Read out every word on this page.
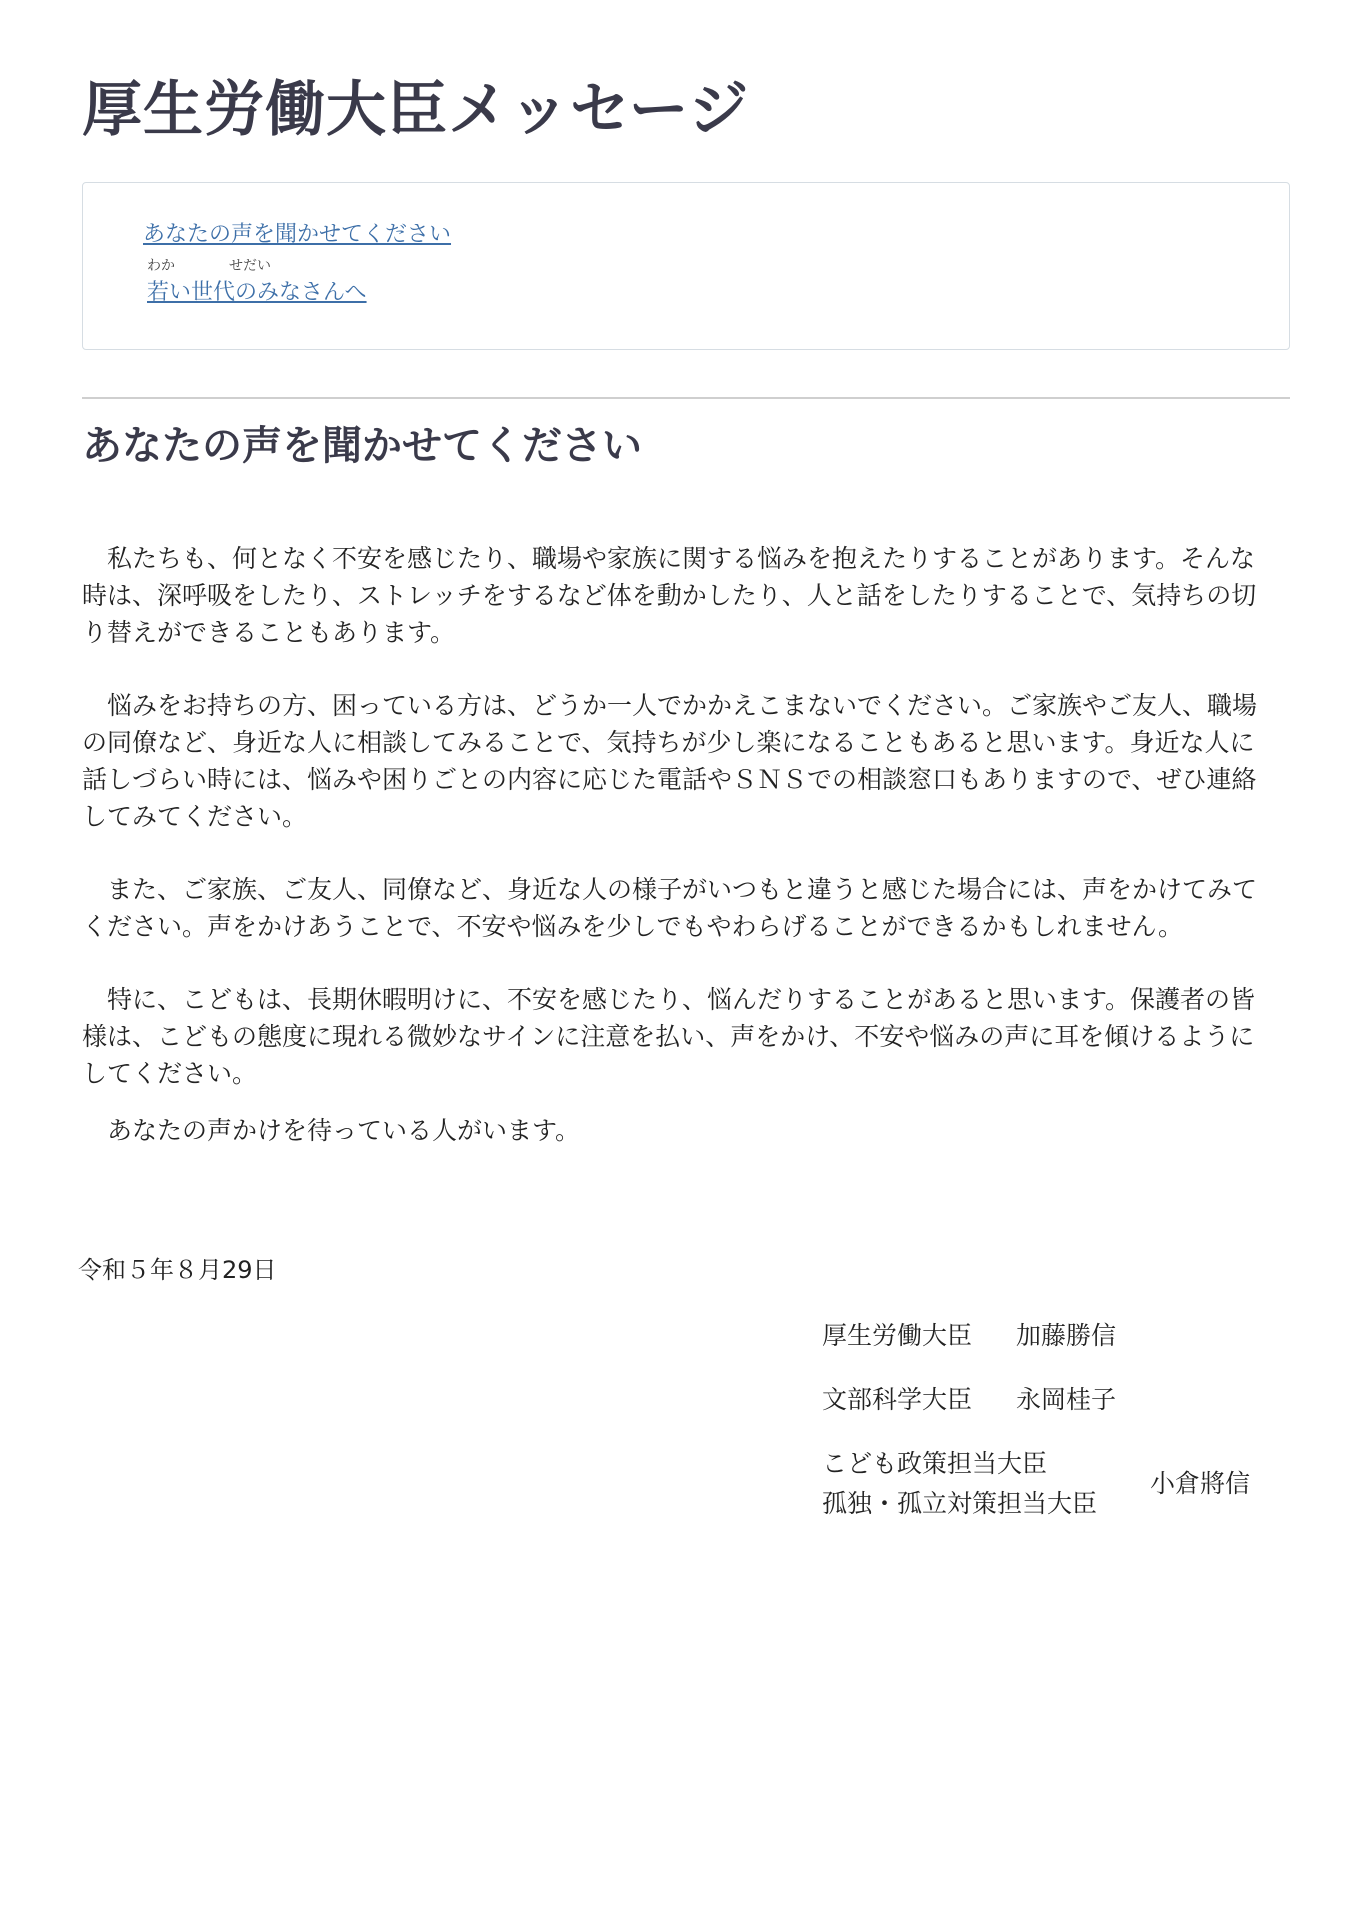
厚生労働大臣メッセージ
あなたの声を聞かせてください
わか	せだい
若い世代のみなさんへ
あなたの声を聞かせてください

私たちも、何となく不安を感じたり、職場や家族に関する悩みを抱えたりすることがあります。そんな時は、深呼吸をしたり、ストレッチをするなど体を動かしたり、人と話をしたりすることで、気持ちの切り替えができることもあります。

悩みをお持ちの方、困っている方は、どうか一人でかかえこまないでください。ご家族やご友人、職場の同僚など、身近な人に相談してみることで、気持ちが少し楽になることもあると思います。身近な人に話しづらい時には、悩みや困りごとの内容に応じた電話やＳＮＳでの相談窓口もありますので、ぜひ連絡してみてください。

また、ご家族、ご友人、同僚など、身近な人の様子がいつもと違うと感じた場合には、声をかけてみてください。声をかけあうことで、不安や悩みを少しでもやわらげることができるかもしれません。

特に、こどもは、長期休暇明けに、不安を感じたり、悩んだりすることがあると思います。保護者の皆様は、こどもの態度に現れる微妙なサインに注意を払い、声をかけ、不安や悩みの声に耳を傾けるようにしてください。

あなたの声かけを待っている人がいます。

令和５年８月29日
厚生労働大臣 加藤勝信
文部科学大臣 永岡桂子
こども政策担当大臣
孤独・孤立対策担当大臣
小倉將信
